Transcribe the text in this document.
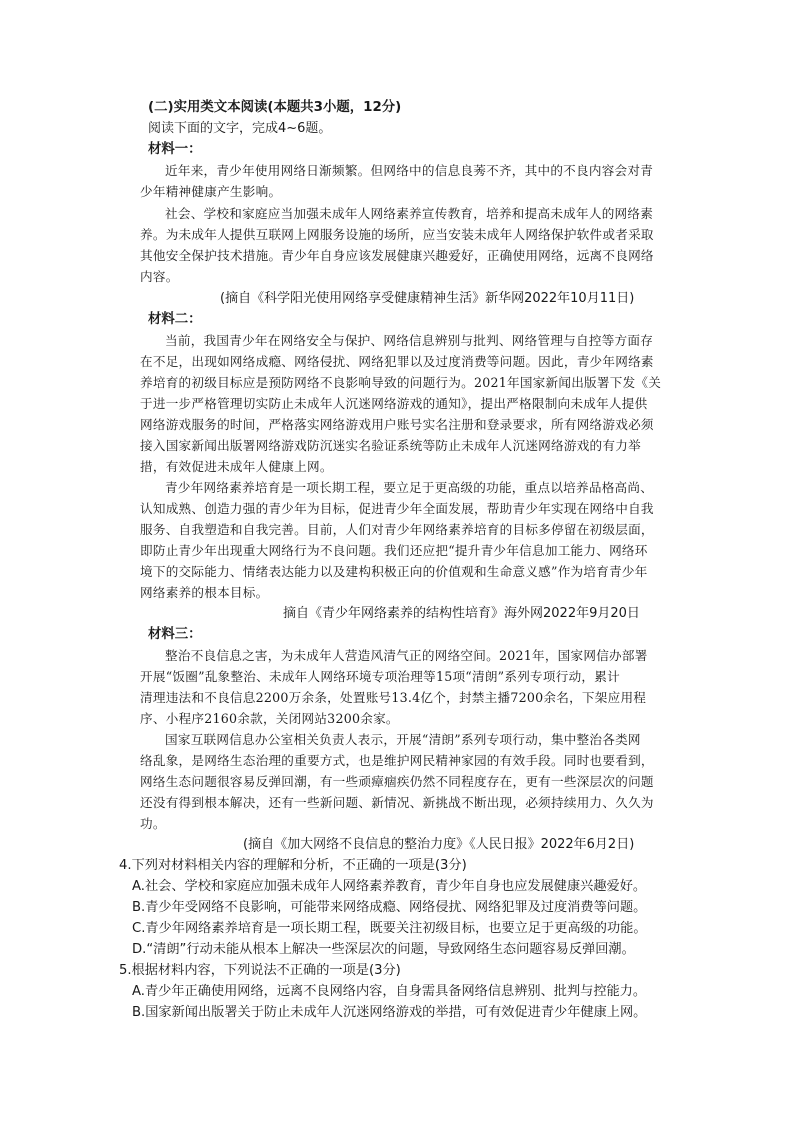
(二)实用类文本阅读(本题共3小题，12分)
阅读下面的文字，完成4~6题。
材料一：
近年来，青少年使用网络日渐频繁。但网络中的信息良莠不齐，其中的不良内容会对青
少年精神健康产生影响。
社会、学校和家庭应当加强未成年人网络素养宣传教育，培养和提高未成年人的网络素
养。为未成年人提供互联网上网服务设施的场所，应当安装未成年人网络保护软件或者采取
其他安全保护技术措施。青少年自身应该发展健康兴趣爱好，正确使用网络，远离不良网络
内容。
(摘自《科学阳光使用网络享受健康精神生活》新华网2022年10月11日)
材料二：
当前，我国青少年在网络安全与保护、网络信息辨别与批判、网络管理与自控等方面存
在不足，出现如网络成瘾、网络侵扰、网络犯罪以及过度消费等问题。因此，青少年网络素
养培育的初级目标应是预防网络不良影响导致的问题行为。2021年国家新闻出版署下发《关
于进一步严格管理切实防止未成年人沉迷网络游戏的通知》，提出严格限制向未成年人提供
网络游戏服务的时间，严格落实网络游戏用户账号实名注册和登录要求，所有网络游戏必须
接入国家新闻出版署网络游戏防沉迷实名验证系统等防止未成年人沉迷网络游戏的有力举
措，有效促进未成年人健康上网。
青少年网络素养培育是一项长期工程，要立足于更高级的功能，重点以培养品格高尚、
认知成熟、创造力强的青少年为目标，促进青少年全面发展，帮助青少年实现在网络中自我
服务、自我塑造和自我完善。目前，人们对青少年网络素养培育的目标多停留在初级层面，
即防止青少年出现重大网络行为不良问题。我们还应把“提升青少年信息加工能力、网络环
境下的交际能力、情绪表达能力以及建构积极正向的价值观和生命意义感”作为培育青少年
网络素养的根本目标。
摘自《青少年网络素养的结构性培育》海外网2022年9月20日
材料三：
整治不良信息之害，为未成年人营造风清气正的网络空间。2021年，国家网信办部署
开展“饭圈”乱象整治、未成年人网络环境专项治理等15项“清朗”系列专项行动，累计
清理违法和不良信息2200万余条，处置账号13.4亿个，封禁主播7200余名，下架应用程
序、小程序2160余款，关闭网站3200余家。
国家互联网信息办公室相关负责人表示，开展“清朗”系列专项行动，集中整治各类网
络乱象，是网络生态治理的重要方式，也是维护网民精神家园的有效手段。同时也要看到，
网络生态问题很容易反弹回潮，有一些顽瘴痼疾仍然不同程度存在，更有一些深层次的问题
还没有得到根本解决，还有一些新问题、新情况、新挑战不断出现，必须持续用力、久久为
功。
(摘自《加大网络不良信息的整治力度》《人民日报》2022年6月2日)
4.下列对材料相关内容的理解和分析，不正确的一项是(3分)
A.社会、学校和家庭应加强未成年人网络素养教育，青少年自身也应发展健康兴趣爱好。
B.青少年受网络不良影响，可能带来网络成瘾、网络侵扰、网络犯罪及过度消费等问题。
C.青少年网络素养培育是一项长期工程，既要关注初级目标，也要立足于更高级的功能。
D.“清朗”行动未能从根本上解决一些深层次的问题，导致网络生态问题容易反弹回潮。
5.根据材料内容，下列说法不正确的一项是(3分)
A.青少年正确使用网络，远离不良网络内容，自身需具备网络信息辨别、批判与控能力。
B.国家新闻出版署关于防止未成年人沉迷网络游戏的举措，可有效促进青少年健康上网。
